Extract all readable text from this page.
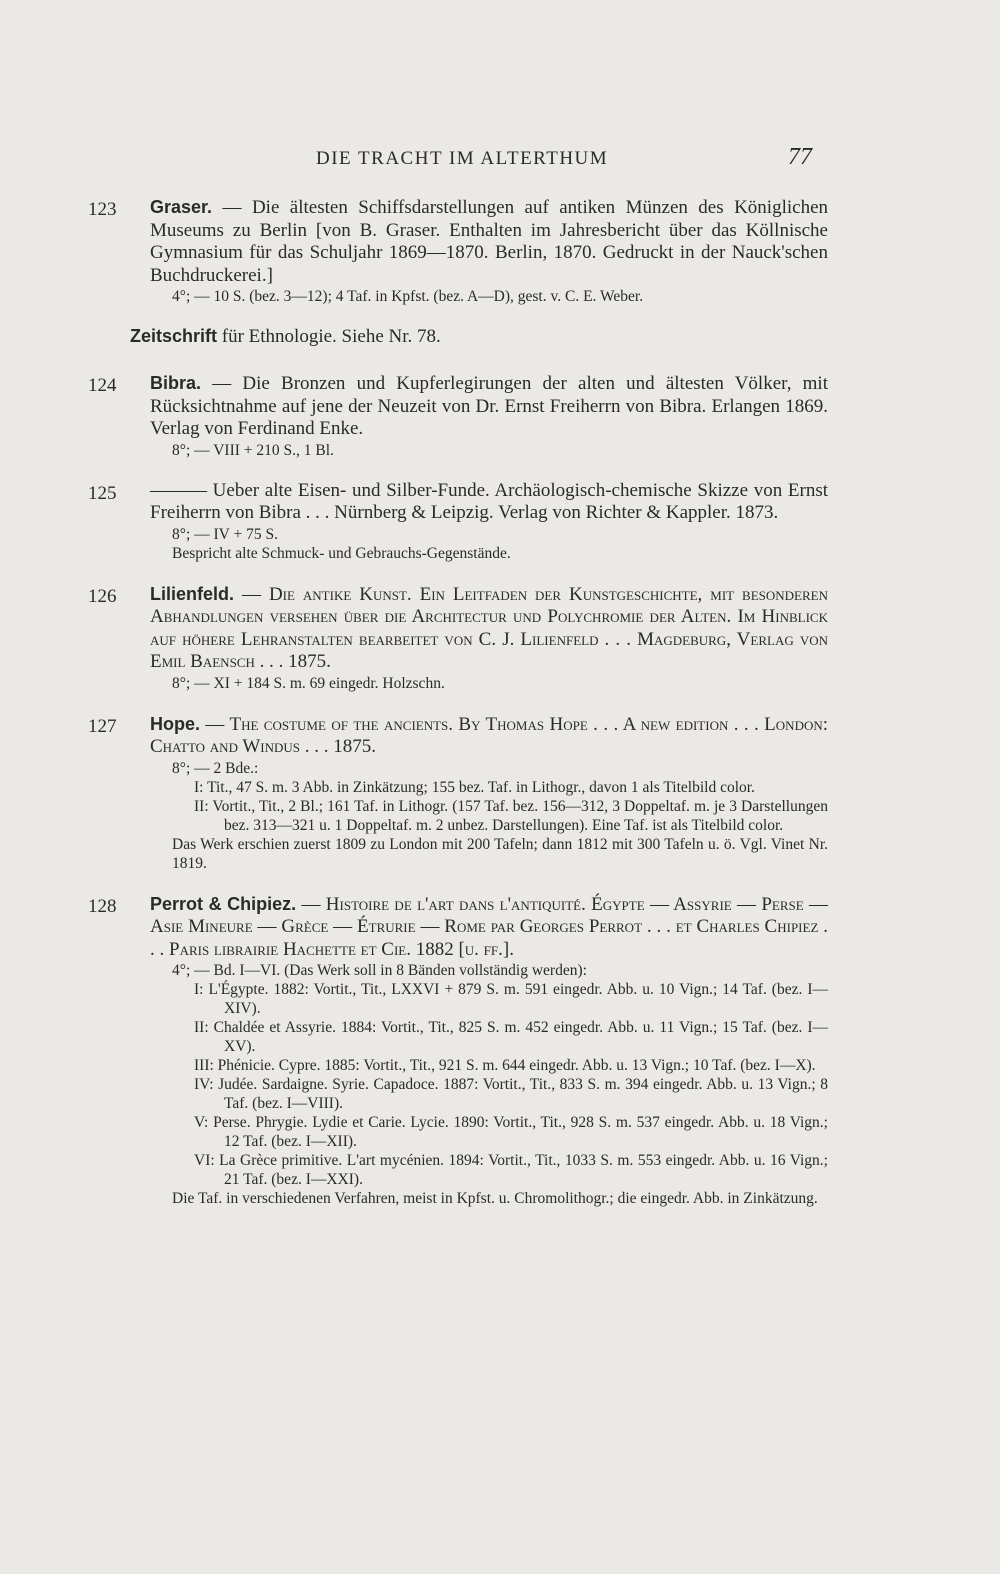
DIE TRACHT IM ALTERTHUM	77
123	Graser. — Die ältesten Schiffsdarstellungen auf antiken Münzen des Königlichen Museums zu Berlin [von B. Graser. Enthalten im Jahresbericht über das Köllnische Gymnasium für das Schuljahr 1869—1870. Berlin, 1870. Gedruckt in der Nauck'schen Buchdruckerei.]
4°; — 10 S. (bez. 3—12); 4 Taf. in Kpfst. (bez. A—D), gest. v. C. E. Weber.
Zeitschrift für Ethnologie. Siehe Nr. 78.
124	Bibra. — Die Bronzen und Kupferlegirungen der alten und ältesten Völker, mit Rücksichtnahme auf jene der Neuzeit von Dr. Ernst Freiherrn von Bibra. Erlangen 1869. Verlag von Ferdinand Enke.
8°; — VIII + 210 S., 1 Bl.
125	——— Ueber alte Eisen- und Silber-Funde. Archäologisch-chemische Skizze von Ernst Freiherrn von Bibra . . . Nürnberg & Leipzig. Verlag von Richter & Kappler. 1873.
8°; — IV + 75 S.
Bespricht alte Schmuck- und Gebrauchs-Gegenstände.
126	Lilienfeld. — Die antike Kunst. Ein Leitfaden der Kunstgeschichte, mit besonderen Abhandlungen versehen über die Architectur und Polychromie der Alten. Im Hinblick auf höhere Lehranstalten bearbeitet von C. J. Lilienfeld . . . Magdeburg, Verlag von Emil Baensch . . . 1875.
8°; — XI + 184 S. m. 69 eingedr. Holzschn.
127	Hope. — The costume of the ancients. By Thomas Hope . . . A new edition . . . London: Chatto and Windus . . . 1875.
8°; — 2 Bde.:
I: Tit., 47 S. m. 3 Abb. in Zinkätzung; 155 bez. Taf. in Lithogr., davon 1 als Titelbild color.
II: Vortit., Tit., 2 Bl.; 161 Taf. in Lithogr. (157 Taf. bez. 156—312, 3 Doppeltaf. m. je 3 Darstellungen bez. 313—321 u. 1 Doppeltaf. m. 2 unbez. Darstellungen). Eine Taf. ist als Titelbild color.
Das Werk erschien zuerst 1809 zu London mit 200 Tafeln; dann 1812 mit 300 Tafeln u. ö. Vgl. Vinet Nr. 1819.
128	Perrot & Chipiez. — Histoire de l'art dans l'antiquité. Égypte — Assyrie — Perse — Asie Mineure — Grèce — Étrurie — Rome par Georges Perrot . . . et Charles Chipiez . . . Paris librairie Hachette et Cie. 1882 [u. ff.].
4°; — Bd. I—VI. (Das Werk soll in 8 Bänden vollständig werden):
I: L'Égypte. 1882: Vortit., Tit., LXXVI + 879 S. m. 591 eingedr. Abb. u. 10 Vign.; 14 Taf. (bez. I—XIV).
II: Chaldée et Assyrie. 1884: Vortit., Tit., 825 S. m. 452 eingedr. Abb. u. 11 Vign.; 15 Taf. (bez. I—XV).
III: Phénicie. Cypre. 1885: Vortit., Tit., 921 S. m. 644 eingedr. Abb. u. 13 Vign.; 10 Taf. (bez. I—X).
IV: Judée. Sardaigne. Syrie. Capadoce. 1887: Vortit., Tit., 833 S. m. 394 eingedr. Abb. u. 13 Vign.; 8 Taf. (bez. I—VIII).
V: Perse. Phrygie. Lydie et Carie. Lycie. 1890: Vortit., Tit., 928 S. m. 537 eingedr. Abb. u. 18 Vign.; 12 Taf. (bez. I—XII).
VI: La Grèce primitive. L'art mycénien. 1894: Vortit., Tit., 1033 S. m. 553 eingedr. Abb. u. 16 Vign.; 21 Taf. (bez. I—XXI).
Die Taf. in verschiedenen Verfahren, meist in Kpfst. u. Chromolithogr.; die eingedr. Abb. in Zinkätzung.
